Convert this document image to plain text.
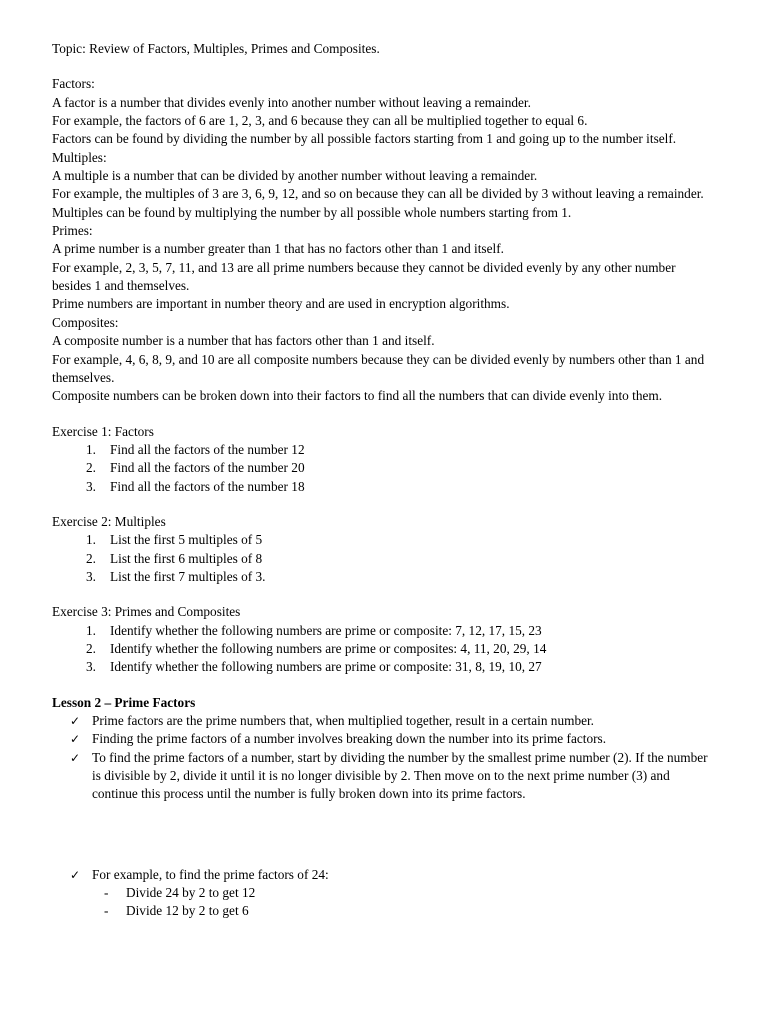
Topic: Review of Factors, Multiples, Primes and Composites.

Factors:

A factor is a number that divides evenly into another number without leaving a remainder.

For example, the factors of 6 are 1, 2, 3, and 6 because they can all be multiplied together to equal 6.

Factors can be found by dividing the number by all possible factors starting from 1 and going up to the number itself.

Multiples:

A multiple is a number that can be divided by another number without leaving a remainder.

For example, the multiples of 3 are 3, 6, 9, 12, and so on because they can all be divided by 3 without leaving a remainder.

Multiples can be found by multiplying the number by all possible whole numbers starting from 1.

Primes:

A prime number is a number greater than 1 that has no factors other than 1 and itself.

For example, 2, 3, 5, 7, 11, and 13 are all prime numbers because they cannot be divided evenly by any other number besides 1 and themselves.

Prime numbers are important in number theory and are used in encryption algorithms.

Composites:

A composite number is a number that has factors other than 1 and itself.

For example, 4, 6, 8, 9, and 10 are all composite numbers because they can be divided evenly by numbers other than 1 and themselves.

Composite numbers can be broken down into their factors to find all the numbers that can divide evenly into them.

Exercise 1: Factors

1.	Find all the factors of the number 12
2.	Find all the factors of the number 20
3.	Find all the factors of the number 18

Exercise 2: Multiples

1.	List the first 5 multiples of 5
2.	List the first 6 multiples of 8
3.	List the first 7 multiples of 3.

Exercise 3: Primes and Composites

1.	Identify whether the following numbers are prime or composite: 7, 12, 17, 15, 23
2.	Identify whether the following numbers are prime or composites: 4, 11, 20, 29, 14
3.	Identify whether the following numbers are prime or composite: 31, 8, 19, 10, 27

Lesson 2 – Prime Factors

✓ Prime factors are the prime numbers that, when multiplied together, result in a certain number.
✓ Finding the prime factors of a number involves breaking down the number into its prime factors.
✓ To find the prime factors of a number, start by dividing the number by the smallest prime number (2). If the number is divisible by 2, divide it until it is no longer divisible by 2. Then move on to the next prime number (3) and continue this process until the number is fully broken down into its prime factors.
✓ For example, to find the prime factors of 24:
-	Divide 24 by 2 to get 12
-	Divide 12 by 2 to get 6
